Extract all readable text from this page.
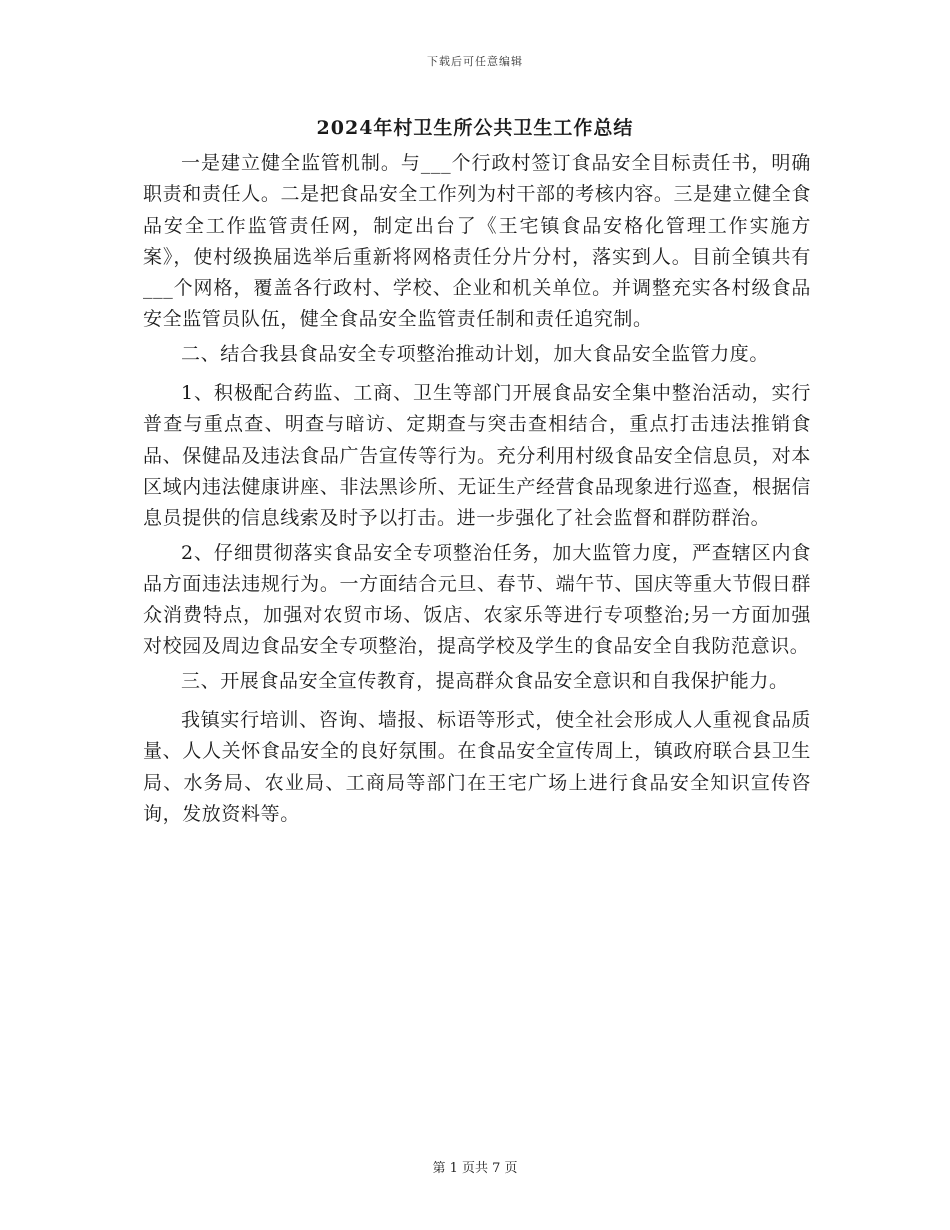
下载后可任意编辑
2024年村卫生所公共卫生工作总结

一是建立健全监管机制。与___个行政村签订食品安全目标责任书，明确职责和责任人。二是把食品安全工作列为村干部的考核内容。三是建立健全食品安全工作监管责任网，制定出台了《王宅镇食品安格化管理工作实施方案》，使村级换届选举后重新将网格责任分片分村，落实到人。目前全镇共有___个网格，覆盖各行政村、学校、企业和机关单位。并调整充实各村级食品安全监管员队伍，健全食品安全监管责任制和责任追究制。

二、结合我县食品安全专项整治推动计划，加大食品安全监管力度。

1、积极配合药监、工商、卫生等部门开展食品安全集中整治活动，实行普查与重点查、明查与暗访、定期查与突击查相结合，重点打击违法推销食品、保健品及违法食品广告宣传等行为。充分利用村级食品安全信息员，对本区域内违法健康讲座、非法黑诊所、无证生产经营食品现象进行巡查，根据信息员提供的信息线索及时予以打击。进一步强化了社会监督和群防群治。

2、仔细贯彻落实食品安全专项整治任务，加大监管力度，严查辖区内食品方面违法违规行为。一方面结合元旦、春节、端午节、国庆等重大节假日群众消费特点，加强对农贸市场、饭店、农家乐等进行专项整治;另一方面加强对校园及周边食品安全专项整治，提高学校及学生的食品安全自我防范意识。

三、开展食品安全宣传教育，提高群众食品安全意识和自我保护能力。

我镇实行培训、咨询、墙报、标语等形式，使全社会形成人人重视食品质量、人人关怀食品安全的良好氛围。在食品安全宣传周上，镇政府联合县卫生局、水务局、农业局、工商局等部门在王宅广场上进行食品安全知识宣传咨询，发放资料等。

第 1 页共 7 页
